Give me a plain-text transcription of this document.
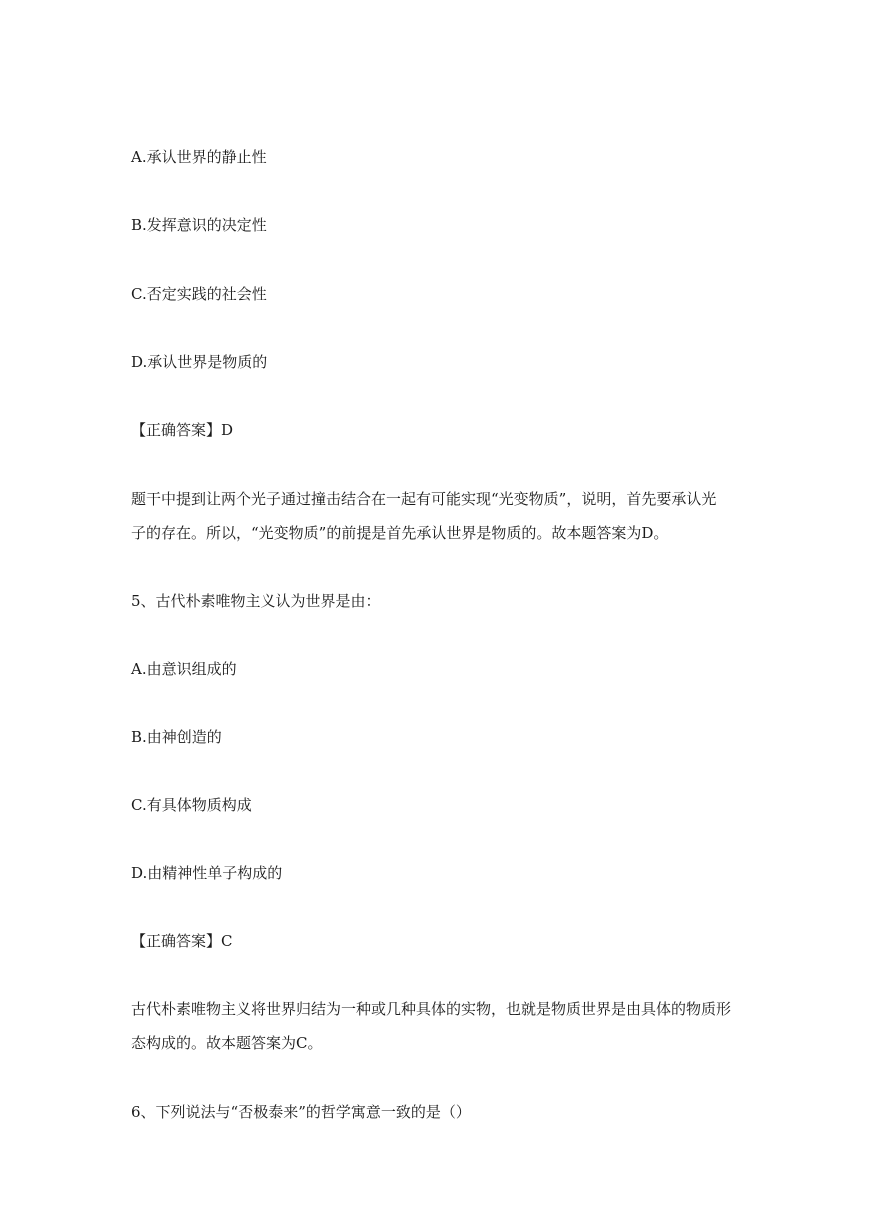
A.承认世界的静止性

B.发挥意识的决定性

C.否定实践的社会性

D.承认世界是物质的

【正确答案】D

题干中提到让两个光子通过撞击结合在一起有可能实现“光变物质”，说明，首先要承认光

子的存在。所以，“光变物质”的前提是首先承认世界是物质的。故本题答案为D。

5、古代朴素唯物主义认为世界是由：

A.由意识组成的

B.由神创造的

C.有具体物质构成

D.由精神性单子构成的

【正确答案】C

古代朴素唯物主义将世界归结为一种或几种具体的实物，也就是物质世界是由具体的物质形

态构成的。故本题答案为C。

6、下列说法与“否极泰来”的哲学寓意一致的是（）
